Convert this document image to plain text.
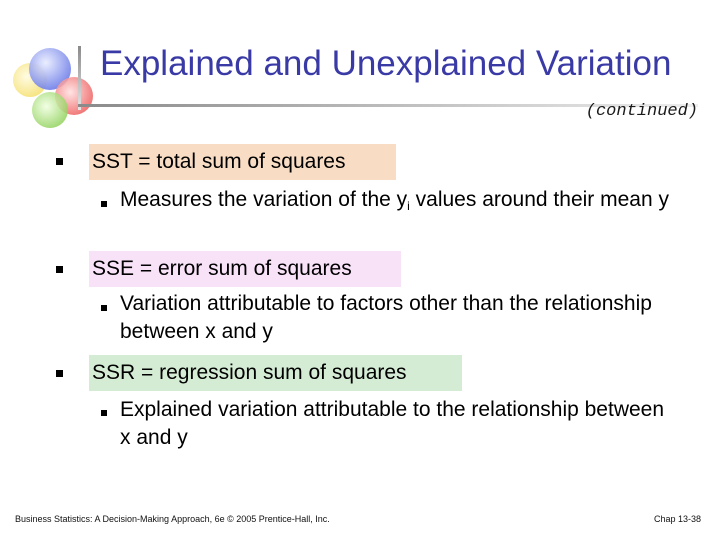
Explained and Unexplained Variation
(continued)
SST = total sum of squares
Measures the variation of the $y_i$ values around their mean y
SSE = error sum of squares
Variation attributable to factors other than the relationship between x and y
SSR = regression sum of squares
Explained variation attributable to the relationship between x and y
Business Statistics: A Decision-Making Approach, 6e © 2005 Prentice-Hall, Inc.	Chap 13-38
